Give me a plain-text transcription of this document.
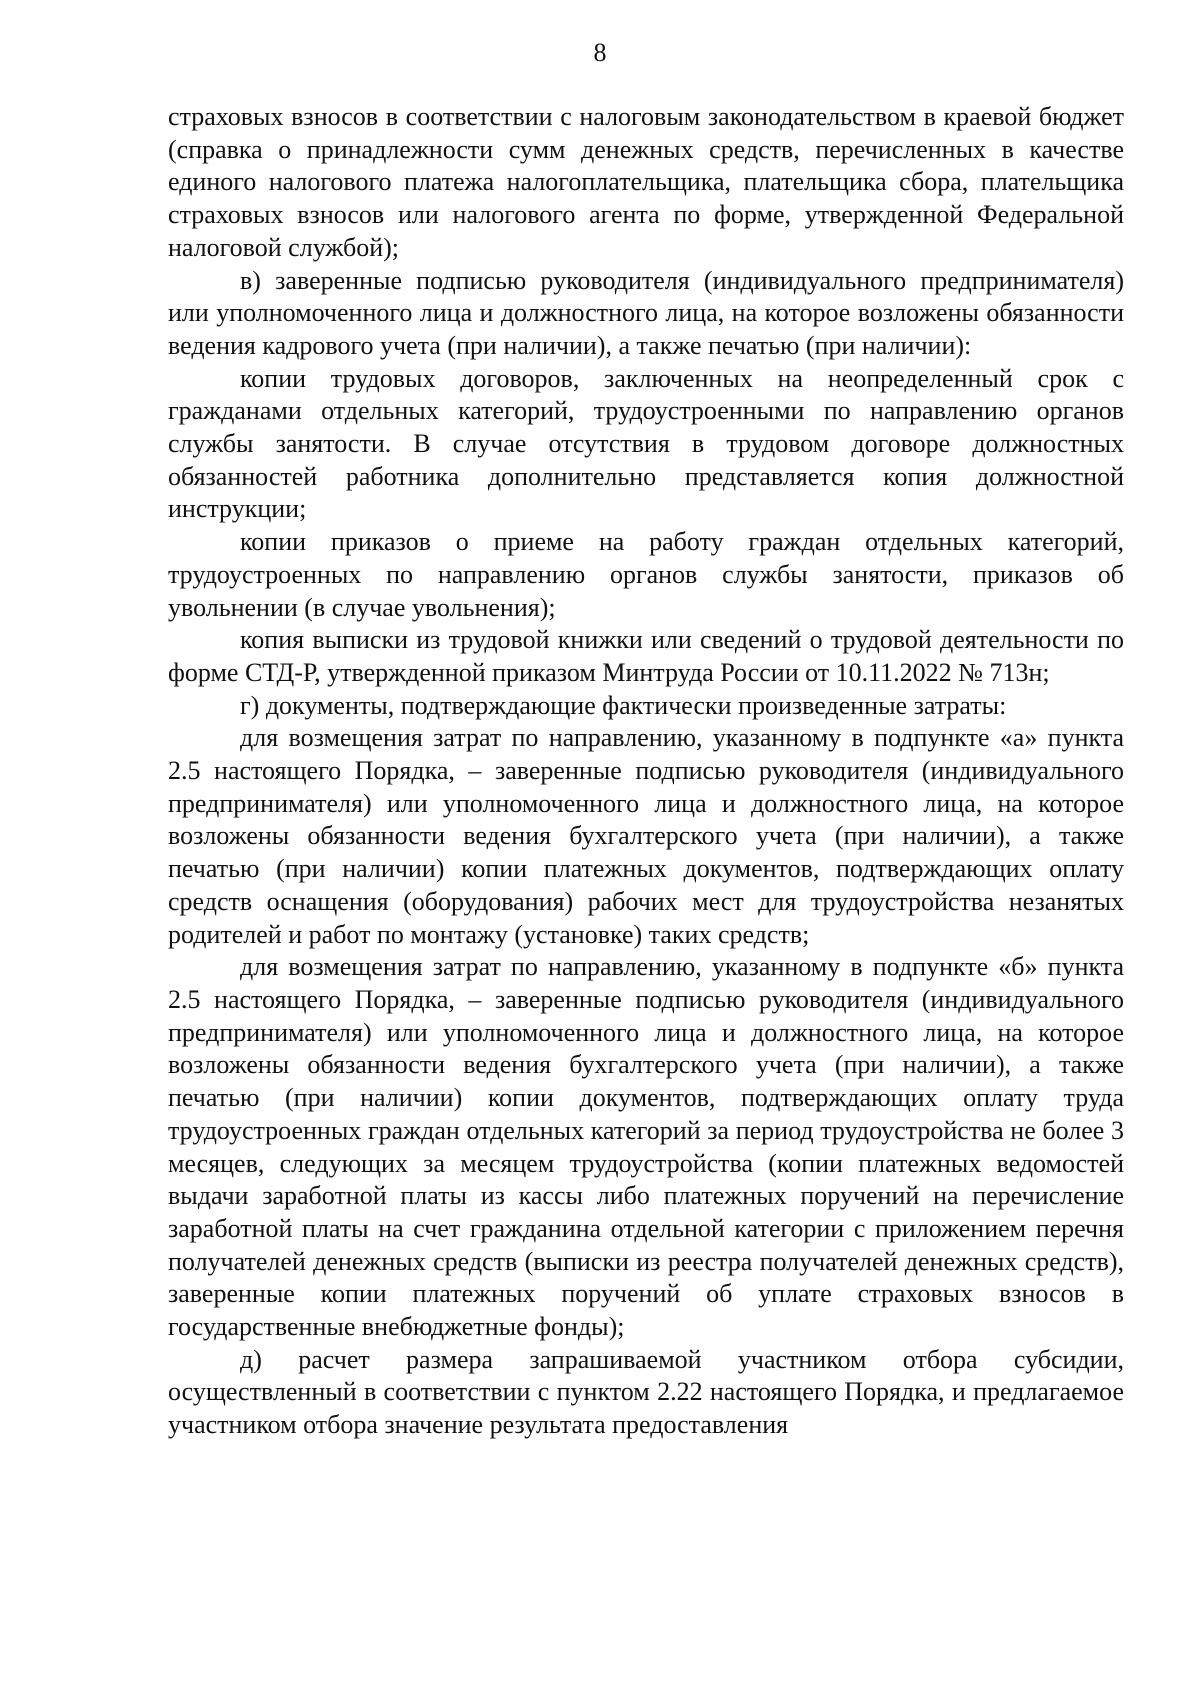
8

страховых взносов в соответствии с налоговым законодательством в краевой бюджет (справка о принадлежности сумм денежных средств, перечисленных в качестве единого налогового платежа налогоплательщика, плательщика сбора, плательщика страховых взносов или налогового агента по форме, утвержденной Федеральной налоговой службой);

в) заверенные подписью руководителя (индивидуального предпринимателя) или уполномоченного лица и должностного лица, на которое возложены обязанности ведения кадрового учета (при наличии), а также печатью (при наличии):

копии трудовых договоров, заключенных на неопределенный срок с гражданами отдельных категорий, трудоустроенными по направлению органов службы занятости. В случае отсутствия в трудовом договоре должностных обязанностей работника дополнительно представляется копия должностной инструкции;

копии приказов о приеме на работу граждан отдельных категорий, трудоустроенных по направлению органов службы занятости, приказов об увольнении (в случае увольнения);

копия выписки из трудовой книжки или сведений о трудовой деятельности по форме СТД-Р, утвержденной приказом Минтруда России от 10.11.2022 № 713н;

г) документы, подтверждающие фактически произведенные затраты:

для возмещения затрат по направлению, указанному в подпункте «а» пункта 2.5 настоящего Порядка, – заверенные подписью руководителя (индивидуального предпринимателя) или уполномоченного лица и должностного лица, на которое возложены обязанности ведения бухгалтерского учета (при наличии), а также печатью (при наличии) копии платежных документов, подтверждающих оплату средств оснащения (оборудования) рабочих мест для трудоустройства незанятых родителей и работ по монтажу (установке) таких средств;

для возмещения затрат по направлению, указанному в подпункте «б» пункта 2.5 настоящего Порядка, – заверенные подписью руководителя (индивидуального предпринимателя) или уполномоченного лица и должностного лица, на которое возложены обязанности ведения бухгалтерского учета (при наличии), а также печатью (при наличии) копии документов, подтверждающих оплату труда трудоустроенных граждан отдельных категорий за период трудоустройства не более 3 месяцев, следующих за месяцем трудоустройства (копии платежных ведомостей выдачи заработной платы из кассы либо платежных поручений на перечисление заработной платы на счет гражданина отдельной категории с приложением перечня получателей денежных средств (выписки из реестра получателей денежных средств), заверенные копии платежных поручений об уплате страховых взносов в государственные внебюджетные фонды);

д) расчет размера запрашиваемой участником отбора субсидии, осуществленный в соответствии с пунктом 2.22 настоящего Порядка, и предлагаемое участником отбора значение результата предоставления
